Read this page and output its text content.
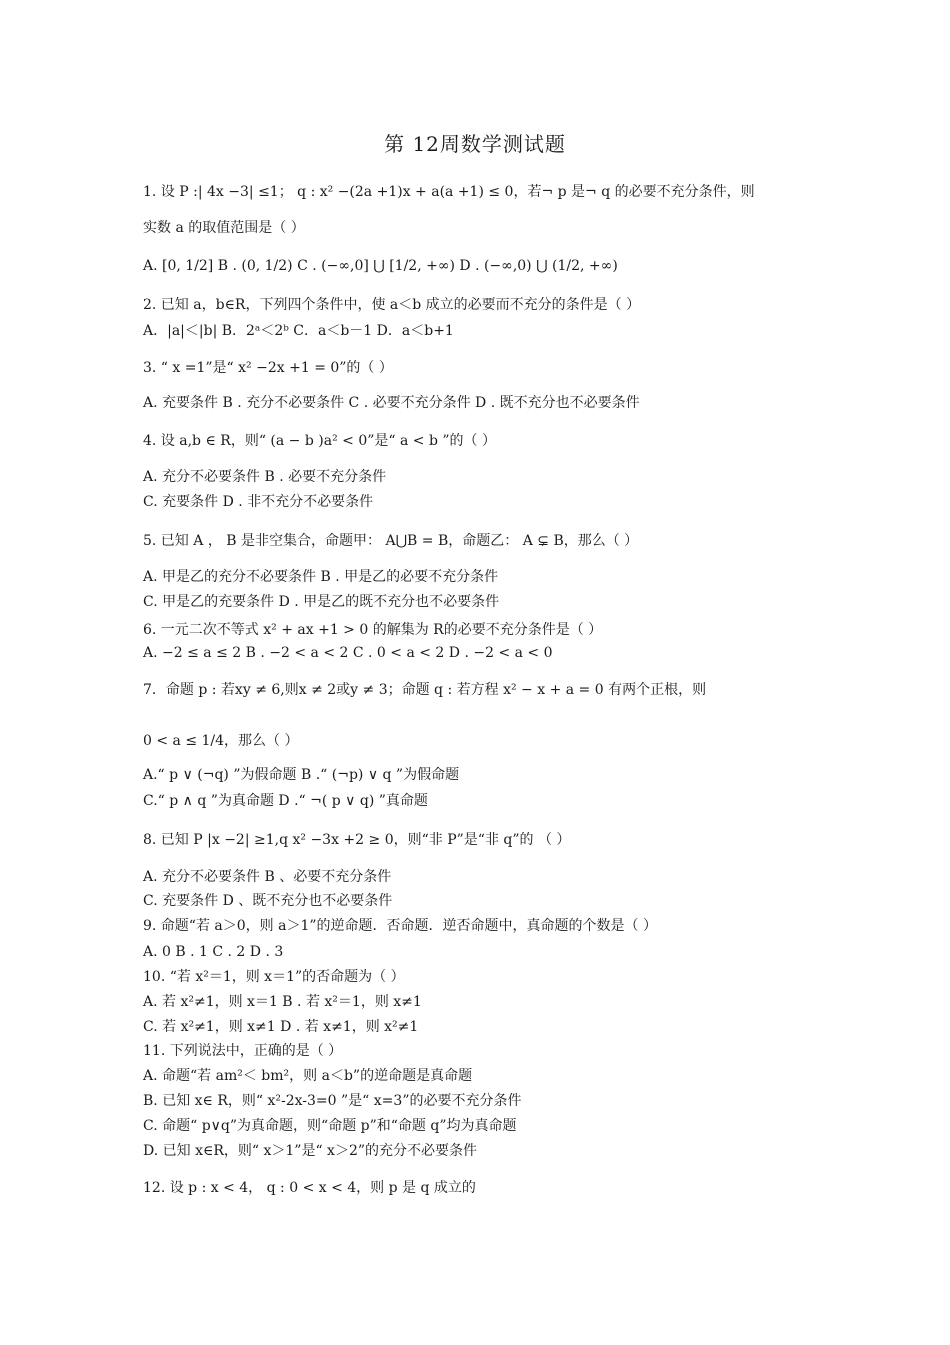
第 12周数学测试题
1. 设 P :| 4x −3| ≤1； q : x² −(2a +1)x + a(a +1) ≤ 0，若¬ p 是¬ q 的必要不充分条件，则
实数 a 的取值范围是（ ）
A. [0, 1/2] B . (0, 1/2) C . (−∞,0] ⋃ [1/2, +∞) D . (−∞,0) ⋃ (1/2, +∞)
2. 已知 a，b∈R，下列四个条件中，使 a＜b 成立的必要而不充分的条件是（ ）
A．|a|＜|b| B．2ᵃ＜2ᵇ C．a＜b－1 D．a＜b+1
3. “ x =1”是“ x² −2x +1 = 0”的（ ）
A. 充要条件 B . 充分不必要条件 C . 必要不充分条件 D . 既不充分也不必要条件
4. 设 a,b ∈ R，则“ (a − b )a² < 0”是“ a < b ”的（ ）
A. 充分不必要条件 B . 必要不充分条件
C. 充要条件 D . 非不充分不必要条件
5. 已知 A ， B 是非空集合，命题甲： A⋃B = B，命题乙： A ⊊ B，那么（ ）
A. 甲是乙的充分不必要条件 B . 甲是乙的必要不充分条件
C. 甲是乙的充要条件 D . 甲是乙的既不充分也不必要条件
6. 一元二次不等式 x² + ax +1 > 0 的解集为 R的必要不充分条件是（ ）
A. −2 ≤ a ≤ 2 B . −2 < a < 2 C . 0 < a < 2 D . −2 < a < 0
7．命题 p : 若xy ≠ 6,则x ≠ 2或y ≠ 3；命题 q : 若方程 x² − x + a = 0 有两个正根，则
0 < a ≤ 1/4，那么（ ）
A.“ p ∨ (¬q) ”为假命题 B .“ (¬p) ∨ q ”为假命题
C.“ p ∧ q ”为真命题 D .“ ¬( p ∨ q) ”真命题
8. 已知 P |x −2| ≥1,q x² −3x +2 ≥ 0，则“非 P”是“非 q”的 （ ）
A. 充分不必要条件 B 、必要不充分条件
C. 充要条件 D 、既不充分也不必要条件
9. 命题“若 a＞0，则 a＞1”的逆命题．否命题．逆否命题中，真命题的个数是（ ）
A. 0 B . 1 C . 2 D . 3
10. “若 x²＝1，则 x＝1”的否命题为（ ）
A. 若 x²≠1，则 x＝1 B . 若 x²＝1，则 x≠1
C. 若 x²≠1，则 x≠1 D . 若 x≠1，则 x²≠1
11. 下列说法中，正确的是（ ）
A. 命题“若 am²＜ bm²，则 a＜b”的逆命题是真命题
B. 已知 x∈ R，则“ x²-2x-3=0 ”是“ x=3”的必要不充分条件
C. 命题“ p∨q”为真命题，则“命题 p”和“命题 q”均为真命题
D. 已知 x∈R，则“ x＞1”是“ x＞2”的充分不必要条件
12. 设 p : x < 4， q : 0 < x < 4，则 p 是 q 成立的
